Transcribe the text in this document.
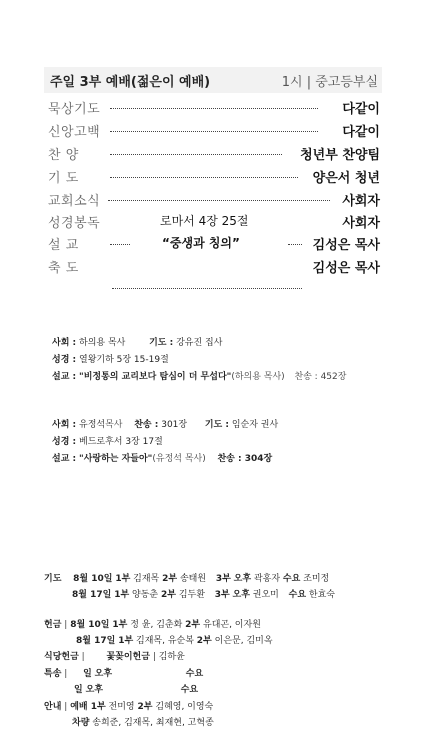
주일 3부 예배(젊은이 예배)	1시 | 중고등부실
묵상기도	다같이
신앙고백	다같이
찬 양	청년부 찬양팀
기 도	양은서 청년
교회소식	사회자
성경봉독	로마서 4장 25절	사회자
설 교	“중생과 칭의”	김성은 목사
축 도	김성은 목사
사회 : 하의용 목사	기도 : 강유진 집사
성경 : 열왕기하 5장 15-19절
설교 : "비정통의 교리보다 탐심이 더 무섭다"(하의용 목사) 찬송 : 452장
사회 : 유정석목사 찬송 : 301장 기도 : 임순자 권사
성경 : 베드로후서 3장 17절
설교 : "사랑하는 자들아"(유정석 목사) 찬송 : 304장
기도 8월 10일 1부 김재목 2부 송태원 3부 오후 곽홍자 수요 조미정
8월 17일 1부 양동춘 2부 김두환 3부 오후 권오미 수요 한효숙
헌금 | 8월 10일 1부 정 윤, 김춘화 2부 유대곤, 이자원
8월 17일 1부 김재목, 유순복 2부 이은문, 김미옥
식당헌금 | 꽃꽂이헌금 | 김하윤
특송 | 일 오후	수요
일 오후	수요
안내 | 예배 1부 전미영 2부 김혜영, 이영숙
차량 송희준, 김재목, 최재현, 고혁종
